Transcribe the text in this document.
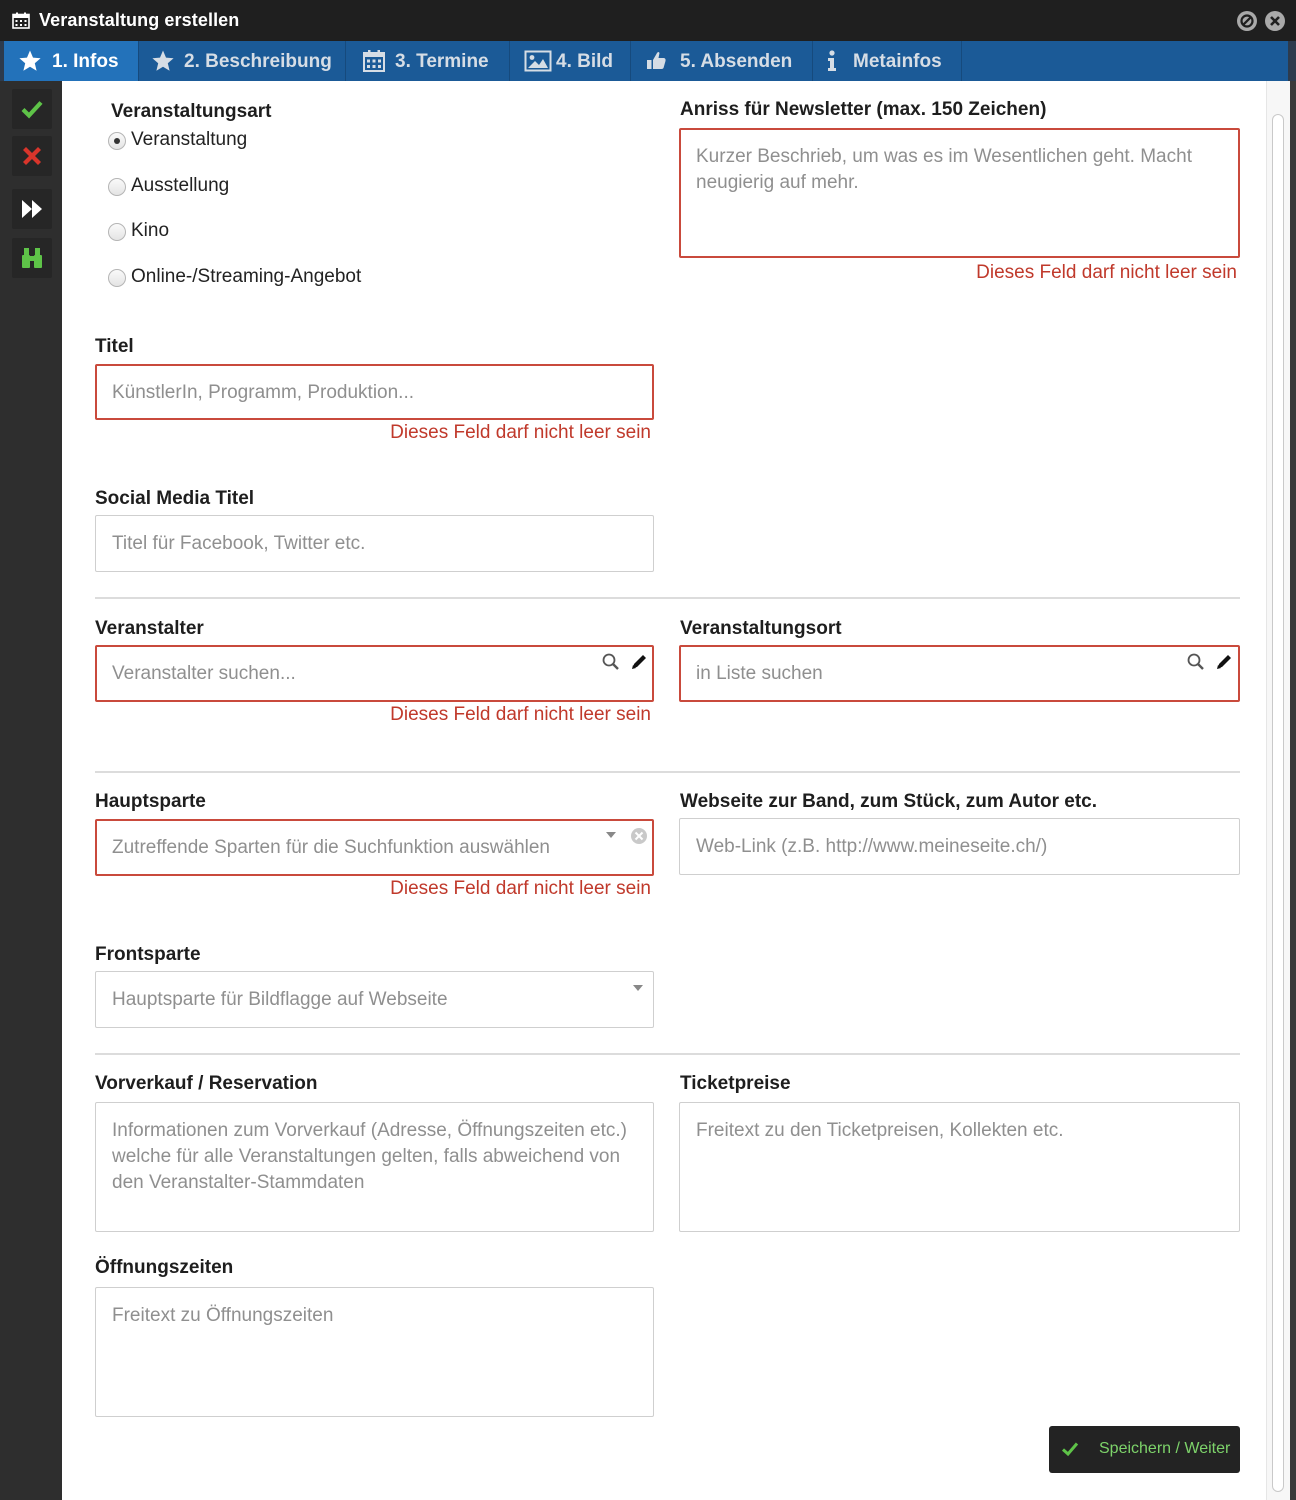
Veranstaltung erstellen
1. Infos	2. Beschreibung	3. Termine	4. Bild	5. Absenden	Metainfos
Veranstaltungsart
Veranstaltung
Ausstellung
Kino
Online-/Streaming-Angebot
Anriss für Newsletter (max. 150 Zeichen)
Kurzer Beschrieb, um was es im Wesentlichen geht. Macht neugierig auf mehr.
Dieses Feld darf nicht leer sein
Titel
KünstlerIn, Programm, Produktion...
Dieses Feld darf nicht leer sein
Social Media Titel
Titel für Facebook, Twitter etc.
Veranstalter
Veranstalter suchen...
Dieses Feld darf nicht leer sein
Veranstaltungsort
in Liste suchen
Hauptsparte
Zutreffende Sparten für die Suchfunktion auswählen
Dieses Feld darf nicht leer sein
Webseite zur Band, zum Stück, zum Autor etc.
Web-Link (z.B. http://www.meineseite.ch/)
Frontsparte
Hauptsparte für Bildflagge auf Webseite
Vorverkauf / Reservation
Informationen zum Vorverkauf (Adresse, Öffnungszeiten etc.) welche für alle Veranstaltungen gelten, falls abweichend von den Veranstalter-Stammdaten
Ticketpreise
Freitext zu den Ticketpreisen, Kollekten etc.
Öffnungszeiten
Freitext zu Öffnungszeiten
Speichern / Weiter
